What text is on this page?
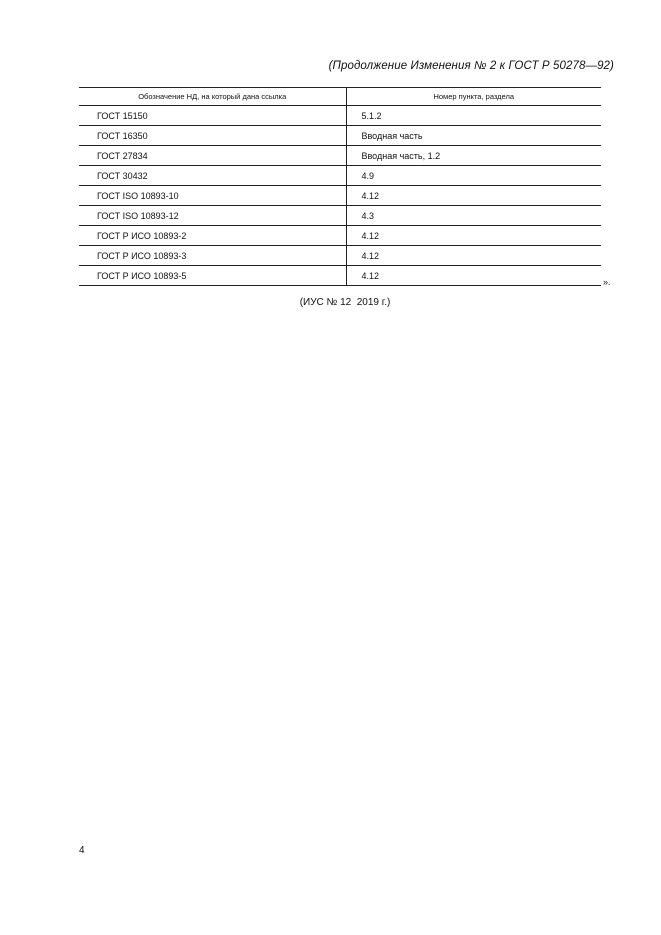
(Продолжение Изменения № 2 к ГОСТ Р 50278—92)
Обозначение НД, на который дана ссылка	Номер пункта, раздела
ГОСТ 15150	5.1.2
ГОСТ 16350	Вводная часть
ГОСТ 27834	Вводная часть, 1.2
ГОСТ 30432	4.9
ГОСТ ISO 10893-10	4.12
ГОСТ ISO 10893-12	4.3
ГОСТ Р ИСО 10893-2	4.12
ГОСТ Р ИСО 10893-3	4.12
ГОСТ Р ИСО 10893-5	4.12
».
(ИУС № 12  2019 г.)
4
